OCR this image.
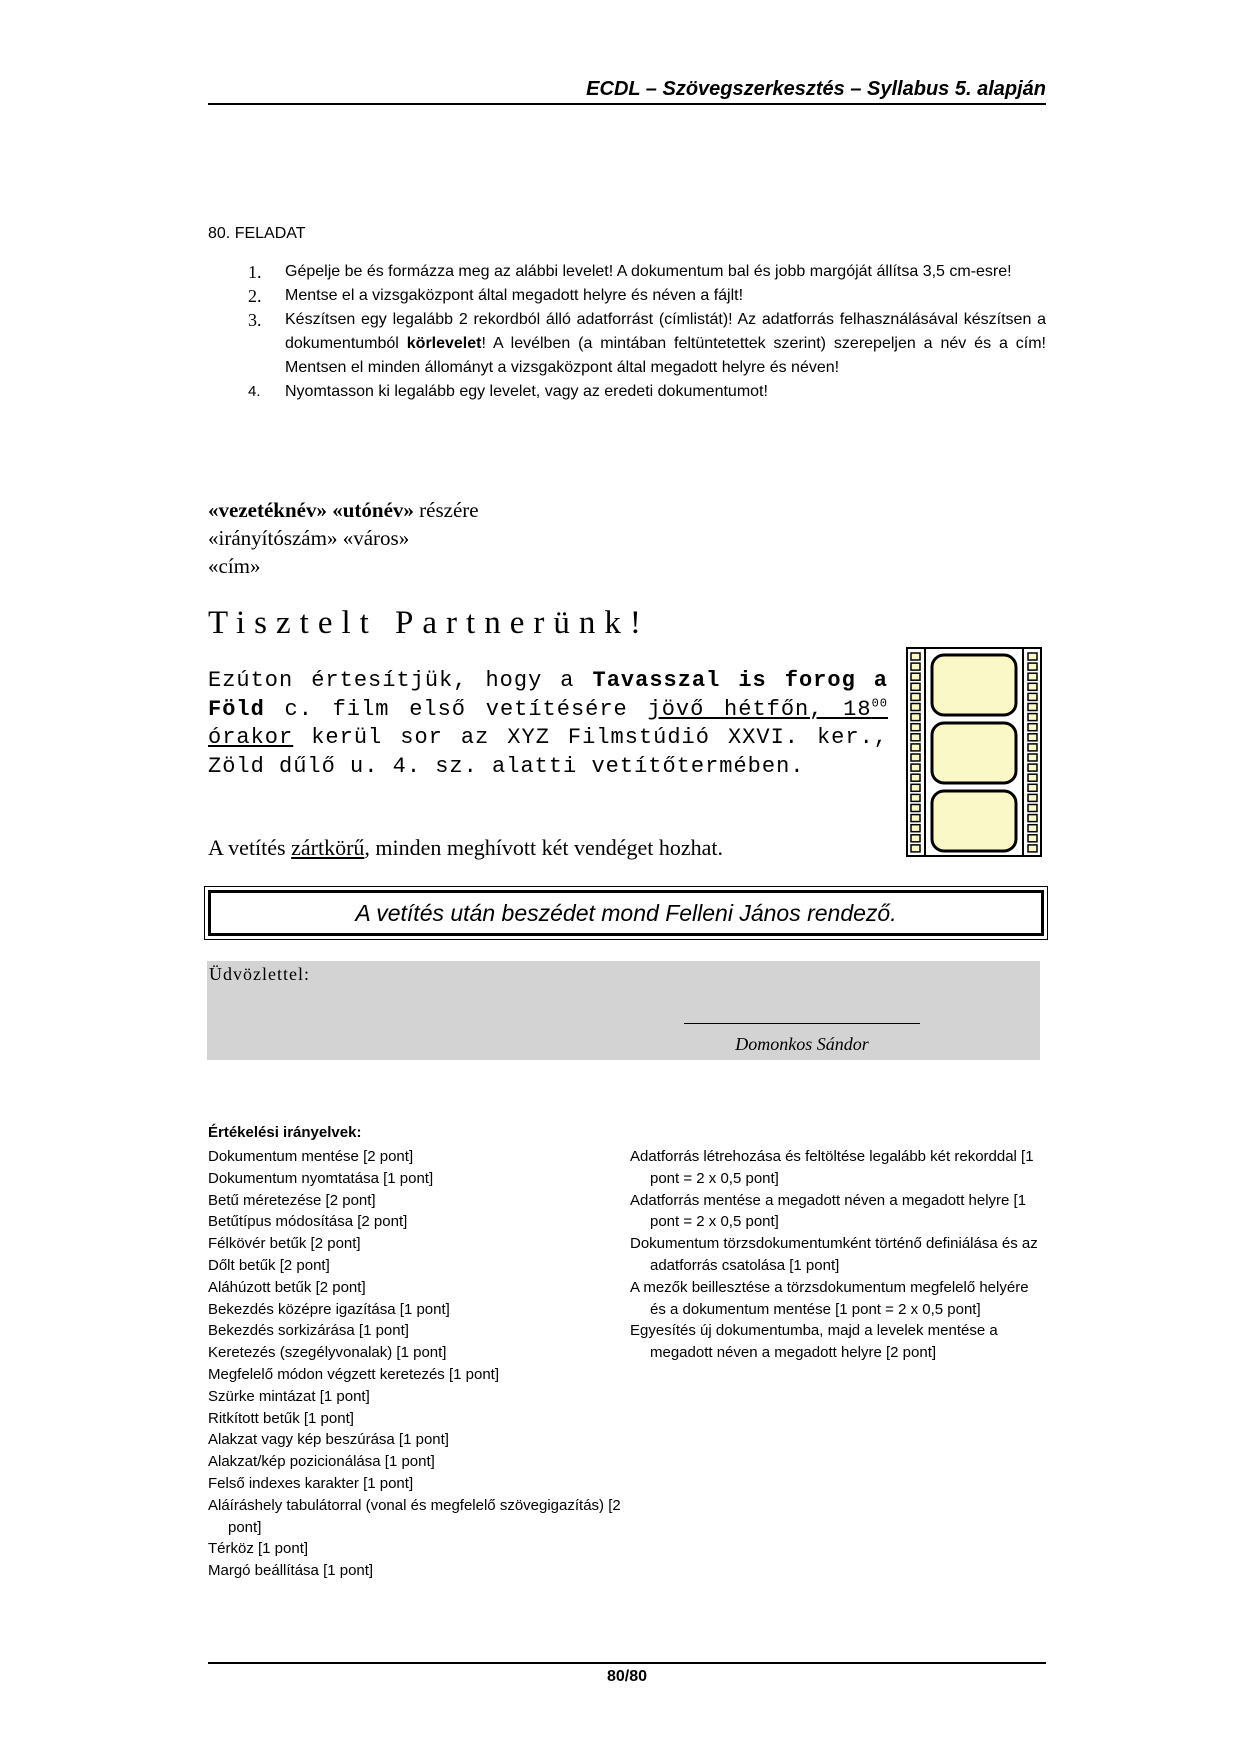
ECDL – Szövegszerkesztés – Syllabus 5. alapján
80. FELADAT
1. Gépelje be és formázza meg az alábbi levelet! A dokumentum bal és jobb margóját állítsa 3,5 cm-esre!
2. Mentse el a vizsgaközpont által megadott helyre és néven a fájlt!
3. Készítsen egy legalább 2 rekordból álló adatforrást (címlistát)! Az adatforrás felhasználásával készítsen a dokumentumból körlevelet! A levélben (a mintában feltüntetettek szerint) szerepeljen a név és a cím! Mentsen el minden állományt a vizsgaközpont által megadott helyre és néven!
4. Nyomtasson ki legalább egy levelet, vagy az eredeti dokumentumot!
«vezetéknév» «utónév» részére
«irányítószám» «város»
«cím»
Tisztelt Partnerünk!
Ezúton értesítjük, hogy a Tavasszal is forog a Föld c. film első vetítésére jövő hétfőn, $18^{00}$ órakor kerül sor az XYZ Filmstúdió XXVI. ker., Zöld dűlő u. 4. sz. alatti vetítőtermében.
A vetítés zártkörű, minden meghívott két vendéget hozhat.
A vetítés után beszédet mond Felleni János rendező.
Üdvözlettel:
Domonkos Sándor
Értékelési irányelvek:
Dokumentum mentése [2 pont]
Dokumentum nyomtatása [1 pont]
Betű méretezése [2 pont]
Betűtípus módosítása [2 pont]
Félkövér betűk [2 pont]
Dőlt betűk [2 pont]
Aláhúzott betűk [2 pont]
Bekezdés középre igazítása [1 pont]
Bekezdés sorkizárása [1 pont]
Keretezés (szegélyvonalak) [1 pont]
Megfelelő módon végzett keretezés [1 pont]
Szürke mintázat [1 pont]
Ritkított betűk [1 pont]
Alakzat vagy kép beszúrása [1 pont]
Alakzat/kép pozicionálása [1 pont]
Felső indexes karakter [1 pont]
Aláíráshely tabulátorral (vonal és megfelelő szövegigazítás) [2 pont]
Térköz [1 pont]
Margó beállítása [1 pont]
Adatforrás létrehozása és feltöltése legalább két rekorddal [1 pont = 2 x 0,5 pont]
Adatforrás mentése a megadott néven a megadott helyre [1 pont = 2 x 0,5 pont]
Dokumentum törzsdokumentumként történő definiálása és az adatforrás csatolása [1 pont]
A mezők beillesztése a törzsdokumentum megfelelő helyére és a dokumentum mentése [1 pont = 2 x 0,5 pont]
Egyesítés új dokumentumba, majd a levelek mentése a megadott néven a megadott helyre [2 pont]
80/80
